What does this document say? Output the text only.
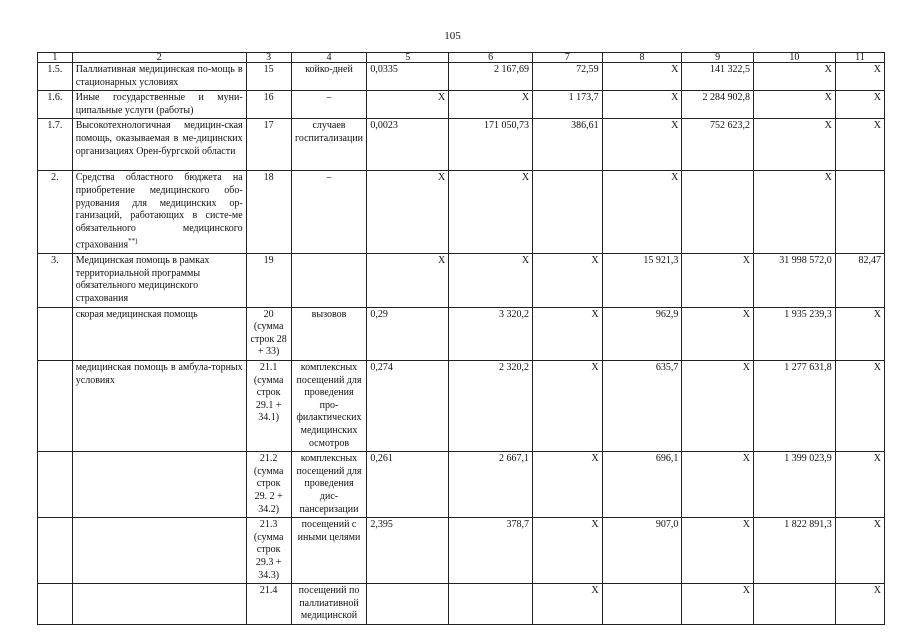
105
1	2	3	4	5	6	7	8	9	10	11
1.5.	Паллиативная медицинская по-мощь в стационарных условиях	15	койко-дней	0,0335	2 167,69	72,59	X	141 322,5	X	X
1.6.	Иные государственные и муни-ципальные услуги (работы)	16	–	X	X	1 173,7	X	2 284 902,8	X	X
1.7.	Высокотехнологичная медицин-ская помощь, оказываемая в ме-дицинских организациях Орен-бургской области	17	случаев госпитализации	0,0023	171 050,73	386,61	X	752 623,2	X	X
2.	Средства областного бюджета на приобретение медицинского обо-рудования для медицинских ор-ганизаций, работающих в систе-ме обязательного медицинского страхования**)	18	–	X	X		X		X	
3.	Медицинская помощь в рамках территориальной программы обязательного медицинского страхования	19		X	X	X	15 921,3	X	31 998 572,0	82,47
	скорая медицинская помощь	20 (сумма строк 28 + 33)	вызовов	0,29	3 320,2	X	962,9	X	1 935 239,3	X
	медицинская помощь в амбула-торных условиях	21.1 (сумма строк 29.1 + 34.1)	комплексных посещений для проведения про-филактических медицинских осмотров	0,274	2 320,2	X	635,7	X	1 277 631,8	X
		21.2 (сумма строк 29. 2 + 34.2)	комплексных посещений для проведения дис-пансеризации	0,261	2 667,1	X	696,1	X	1 399 023,9	X
		21.3 (сумма строк 29.3 + 34.3)	посещений с иными целями	2,395	378,7	X	907,0	X	1 822 891,3	X
		21.4	посещений по паллиативной медицинской			X		X		X
